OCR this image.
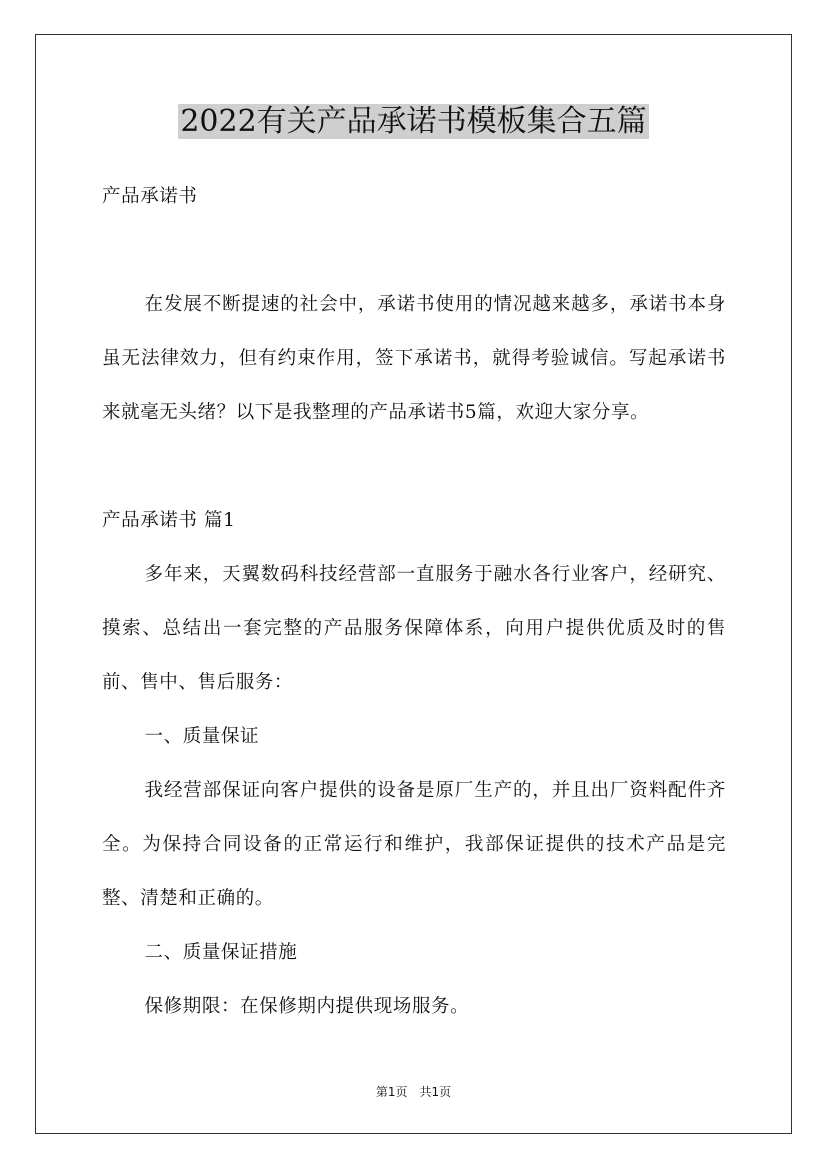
2022有关产品承诺书模板集合五篇

产品承诺书

在发展不断提速的社会中，承诺书使用的情况越来越多，承诺书本身虽无法律效力，但有约束作用，签下承诺书，就得考验诚信。写起承诺书来就毫无头绪？以下是我整理的产品承诺书5篇，欢迎大家分享。

产品承诺书 篇1

多年来，天翼数码科技经营部一直服务于融水各行业客户，经研究、摸索、总结出一套完整的产品服务保障体系，向用户提供优质及时的售前、售中、售后服务：

一、质量保证

我经营部保证向客户提供的设备是原厂生产的，并且出厂资料配件齐全。为保持合同设备的正常运行和维护，我部保证提供的技术产品是完整、清楚和正确的。

二、质量保证措施

保修期限：在保修期内提供现场服务。

第1页 共1页
